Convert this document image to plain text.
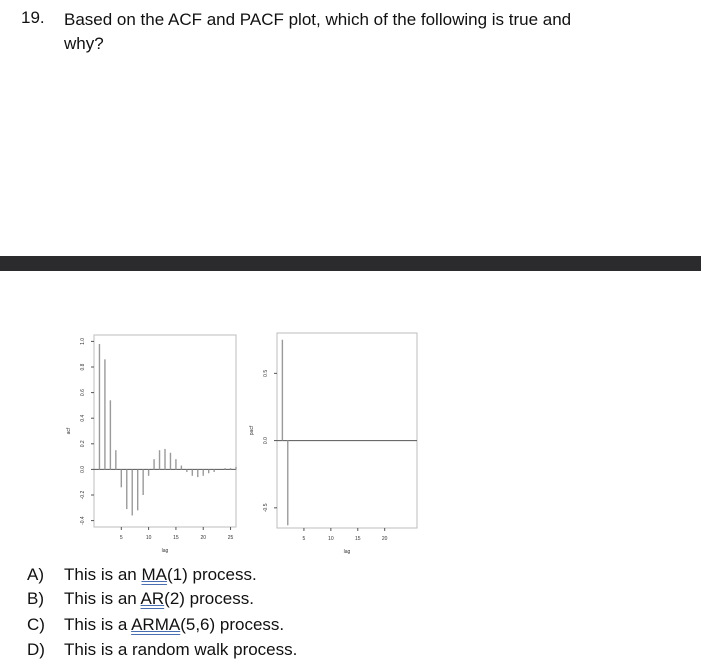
19. Based on the ACF and PACF plot, which of the following is true and why?
-0.4
-0.2
0.0
0.2
0.4
0.6
0.8
1.0
5	10	15	20	25
lag
acf
-0.5
0.0
0.5
5	10	15	20
lag
pacf
A) This is an MA(1) process.
B) This is an AR(2) process.
C) This is a ARMA(5,6) process.
D) This is a random walk process.
